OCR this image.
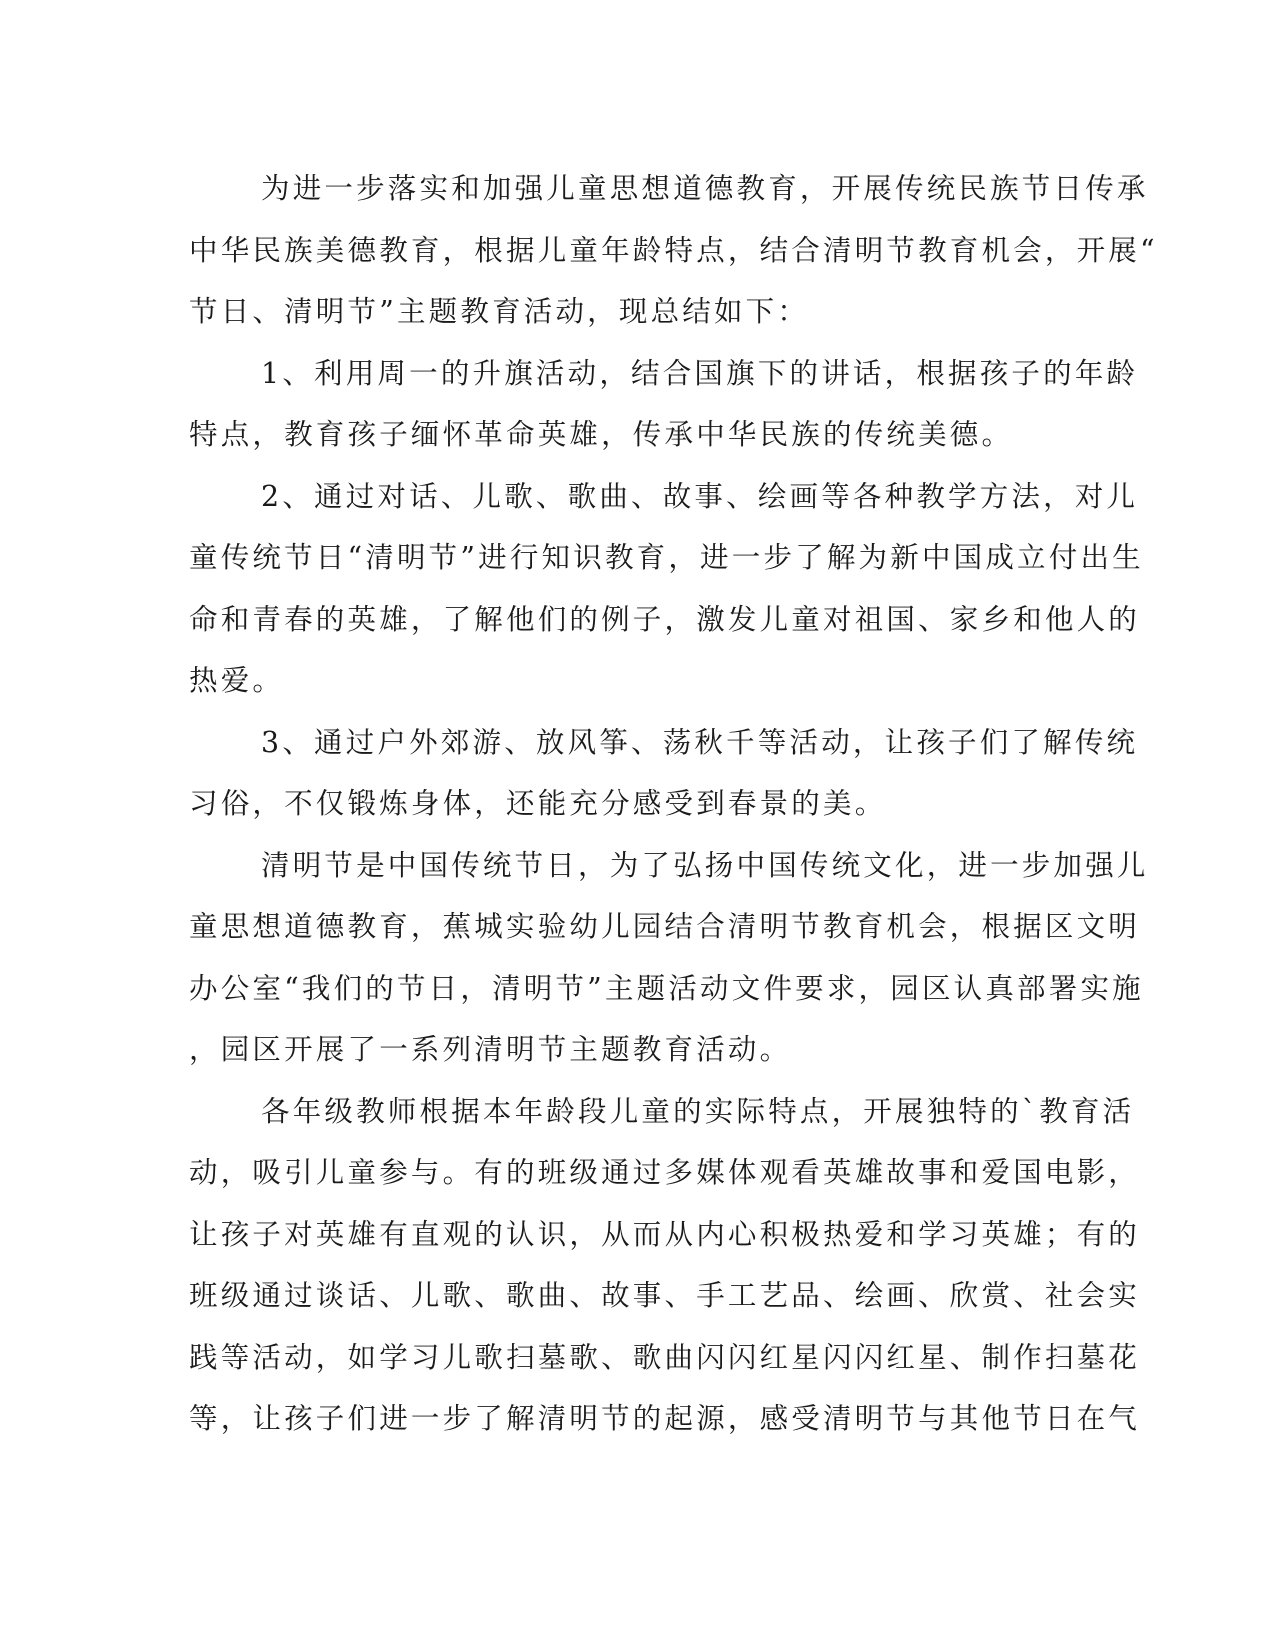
为进一步落实和加强儿童思想道德教育，开展传统民族节日传承
中华民族美德教育，根据儿童年龄特点，结合清明节教育机会，开展“
节日、清明节”主题教育活动，现总结如下：
1、利用周一的升旗活动，结合国旗下的讲话，根据孩子的年龄
特点，教育孩子缅怀革命英雄，传承中华民族的传统美德。
2、通过对话、儿歌、歌曲、故事、绘画等各种教学方法，对儿
童传统节日“清明节”进行知识教育，进一步了解为新中国成立付出生
命和青春的英雄，了解他们的例子，激发儿童对祖国、家乡和他人的
热爱。
3、通过户外郊游、放风筝、荡秋千等活动，让孩子们了解传统
习俗，不仅锻炼身体，还能充分感受到春景的美。
清明节是中国传统节日，为了弘扬中国传统文化，进一步加强儿
童思想道德教育，蕉城实验幼儿园结合清明节教育机会，根据区文明
办公室“我们的节日，清明节”主题活动文件要求，园区认真部署实施
，园区开展了一系列清明节主题教育活动。
各年级教师根据本年龄段儿童的实际特点，开展独特的`教育活
动，吸引儿童参与。有的班级通过多媒体观看英雄故事和爱国电影，
让孩子对英雄有直观的认识，从而从内心积极热爱和学习英雄；有的
班级通过谈话、儿歌、歌曲、故事、手工艺品、绘画、欣赏、社会实
践等活动，如学习儿歌扫墓歌、歌曲闪闪红星闪闪红星、制作扫墓花
等，让孩子们进一步了解清明节的起源，感受清明节与其他节日在气
